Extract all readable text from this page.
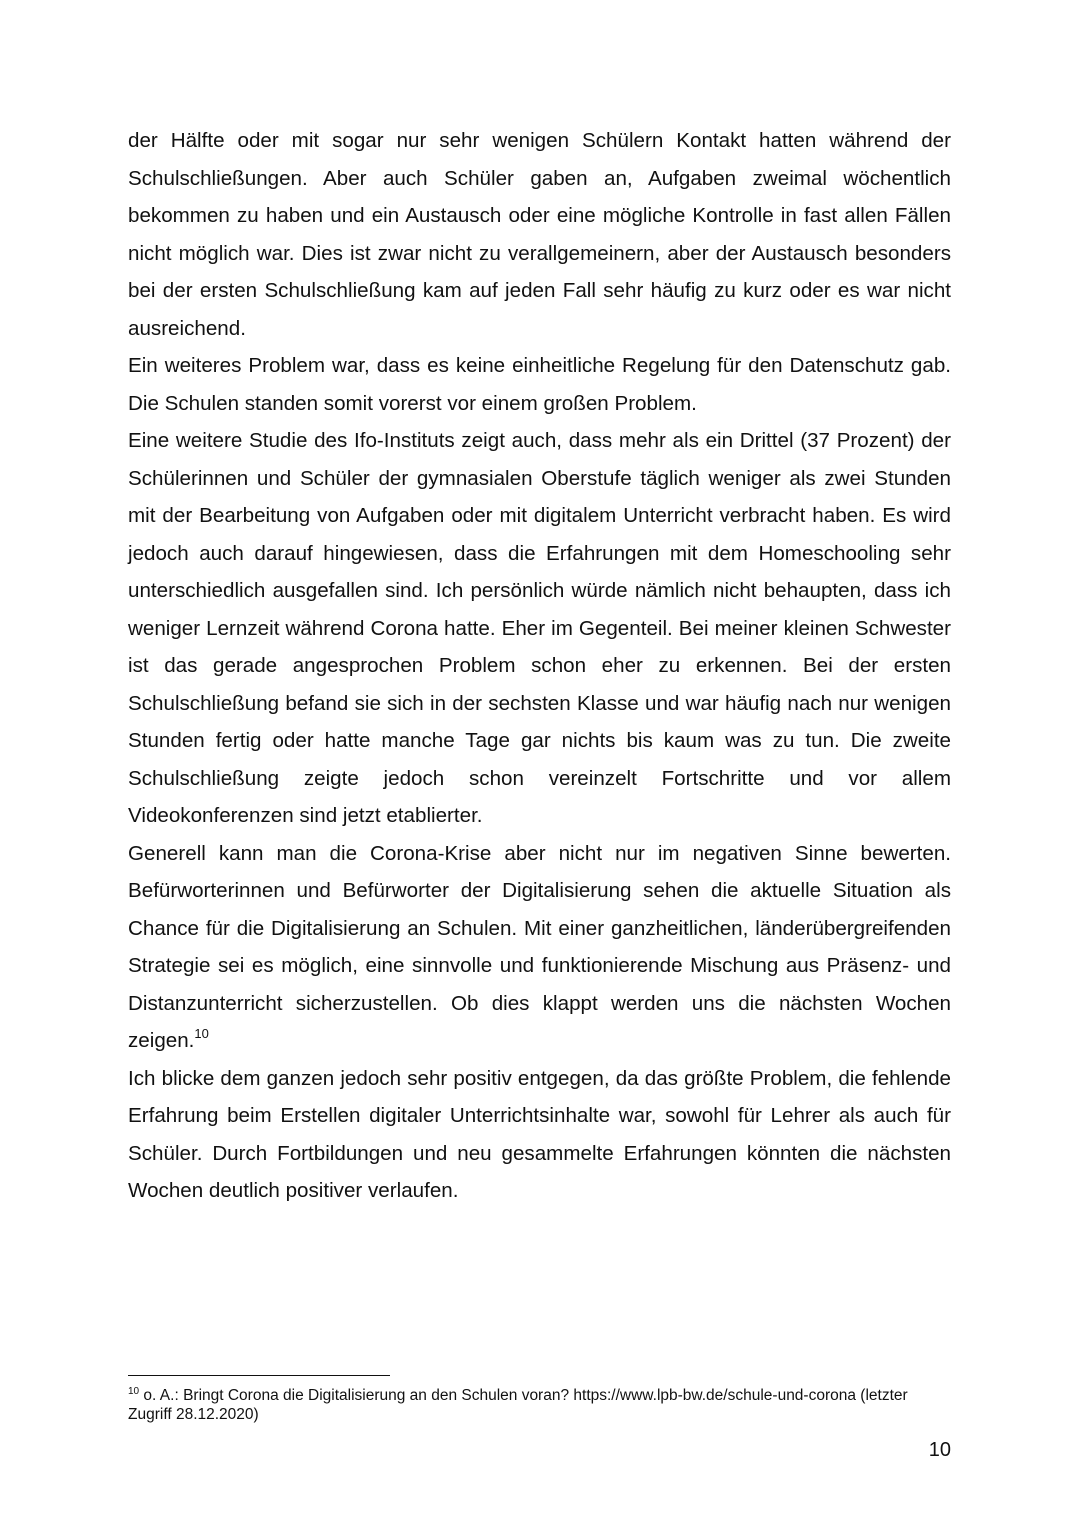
der Hälfte oder mit sogar nur sehr wenigen Schülern Kontakt hatten während der Schulschließungen. Aber auch Schüler gaben an, Aufgaben zweimal wöchentlich bekommen zu haben und ein Austausch oder eine mögliche Kontrolle in fast allen Fällen nicht möglich war. Dies ist zwar nicht zu verallgemeinern, aber der Austausch besonders bei der ersten Schulschließung kam auf jeden Fall sehr häufig zu kurz oder es war nicht ausreichend.

Ein weiteres Problem war, dass es keine einheitliche Regelung für den Datenschutz gab. Die Schulen standen somit vorerst vor einem großen Problem.

Eine weitere Studie des Ifo-Instituts zeigt auch, dass mehr als ein Drittel (37 Prozent) der Schülerinnen und Schüler der gymnasialen Oberstufe täglich weniger als zwei Stunden mit der Bearbeitung von Aufgaben oder mit digitalem Unterricht verbracht haben. Es wird jedoch auch darauf hingewiesen, dass die Erfahrungen mit dem Homeschooling sehr unterschiedlich ausgefallen sind. Ich persönlich würde nämlich nicht behaupten, dass ich weniger Lernzeit während Corona hatte. Eher im Gegenteil. Bei meiner kleinen Schwester ist das gerade angesprochen Problem schon eher zu erkennen. Bei der ersten Schulschließung befand sie sich in der sechsten Klasse und war häufig nach nur wenigen Stunden fertig oder hatte manche Tage gar nichts bis kaum was zu tun. Die zweite Schulschließung zeigte jedoch schon vereinzelt Fortschritte und vor allem Videokonferenzen sind jetzt etablierter.

Generell kann man die Corona-Krise aber nicht nur im negativen Sinne bewerten. Befürworterinnen und Befürworter der Digitalisierung sehen die aktuelle Situation als Chance für die Digitalisierung an Schulen. Mit einer ganzheitlichen, länderübergreifenden Strategie sei es möglich, eine sinnvolle und funktionierende Mischung aus Präsenz- und Distanzunterricht sicherzustellen. Ob dies klappt werden uns die nächsten Wochen zeigen.$^{10}$

Ich blicke dem ganzen jedoch sehr positiv entgegen, da das größte Problem, die fehlende Erfahrung beim Erstellen digitaler Unterrichtsinhalte war, sowohl für Lehrer als auch für Schüler. Durch Fortbildungen und neu gesammelte Erfahrungen könnten die nächsten Wochen deutlich positiver verlaufen.

$^{10}$ o. A.: Bringt Corona die Digitalisierung an den Schulen voran? https://www.lpb-bw.de/schule-und-corona (letzter Zugriff 28.12.2020)
10
